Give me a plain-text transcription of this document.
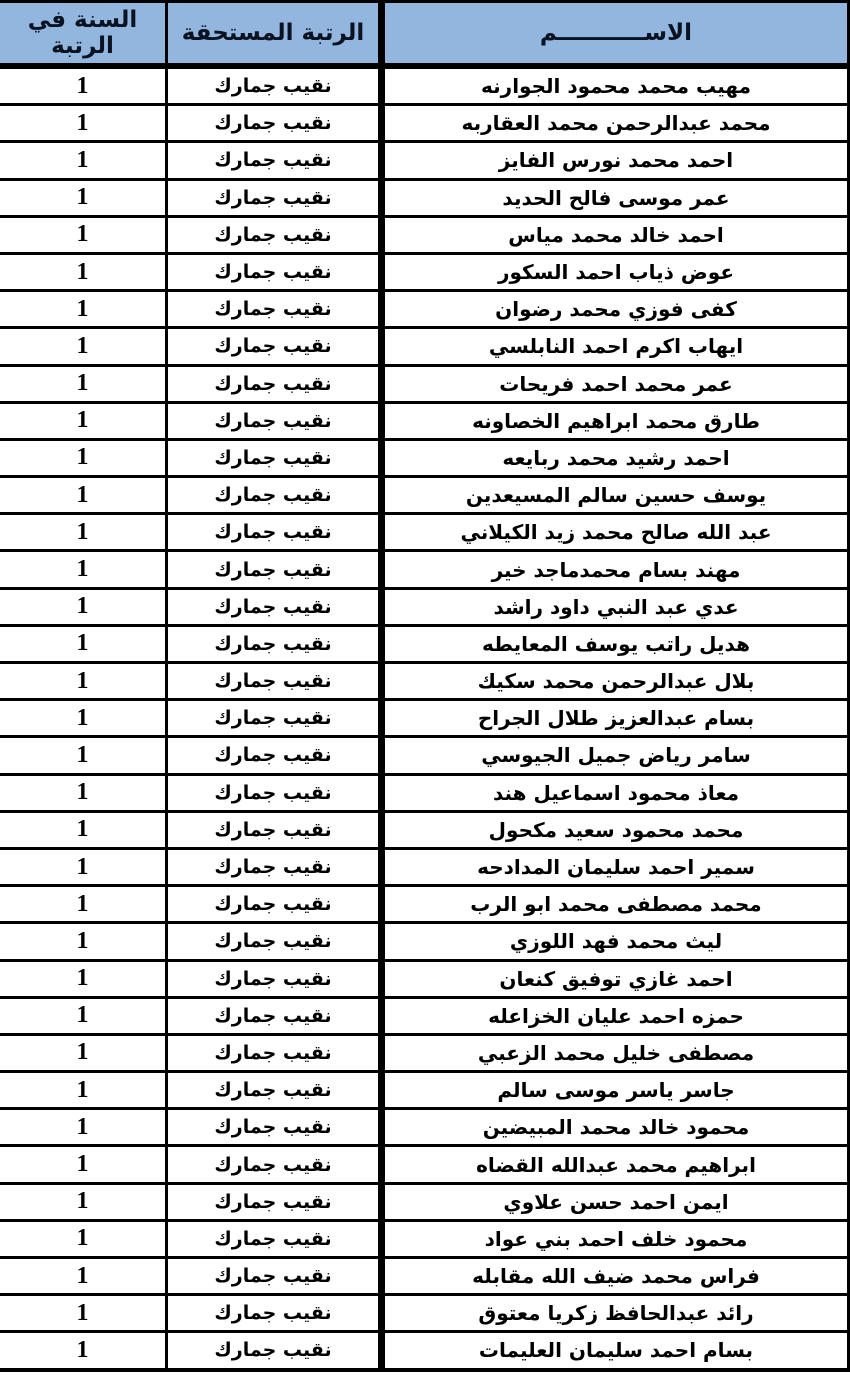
الاســـــــــــم	الرتبة المستحقة	السنة في الرتبة
مهيب محمد محمود الجوارنه	نقيب جمارك	1
محمد عبدالرحمن محمد العقاربه	نقيب جمارك	1
احمد محمد نورس الفايز	نقيب جمارك	1
عمر موسى فالح الحديد	نقيب جمارك	1
احمد خالد محمد مياس	نقيب جمارك	1
عوض ذياب احمد السكور	نقيب جمارك	1
كفى فوزي محمد رضوان	نقيب جمارك	1
ايهاب اكرم احمد النابلسي	نقيب جمارك	1
عمر محمد احمد فريحات	نقيب جمارك	1
طارق محمد ابراهيم الخصاونه	نقيب جمارك	1
احمد رشيد محمد ربايعه	نقيب جمارك	1
يوسف حسين سالم المسيعدين	نقيب جمارك	1
عبد الله صالح محمد زيد الكيلاني	نقيب جمارك	1
مهند بسام محمدماجد خير	نقيب جمارك	1
عدي عبد النبي داود راشد	نقيب جمارك	1
هديل راتب يوسف المعايطه	نقيب جمارك	1
بلال عبدالرحمن محمد سكيك	نقيب جمارك	1
بسام عبدالعزيز طلال الجراح	نقيب جمارك	1
سامر رياض جميل الجيوسي	نقيب جمارك	1
معاذ محمود اسماعيل هند	نقيب جمارك	1
محمد محمود سعيد مكحول	نقيب جمارك	1
سمير احمد سليمان المدادحه	نقيب جمارك	1
محمد مصطفى محمد ابو الرب	نقيب جمارك	1
ليث محمد فهد اللوزي	نقيب جمارك	1
احمد غازي توفيق كنعان	نقيب جمارك	1
حمزه احمد عليان الخزاعله	نقيب جمارك	1
مصطفى خليل محمد الزعبي	نقيب جمارك	1
جاسر ياسر موسى سالم	نقيب جمارك	1
محمود خالد محمد المبيضين	نقيب جمارك	1
ابراهيم محمد عبدالله القضاه	نقيب جمارك	1
ايمن احمد حسن علاوي	نقيب جمارك	1
محمود خلف احمد بني عواد	نقيب جمارك	1
فراس محمد ضيف الله مقابله	نقيب جمارك	1
رائد عبدالحافظ زكريا معتوق	نقيب جمارك	1
بسام احمد سليمان العليمات	نقيب جمارك	1
